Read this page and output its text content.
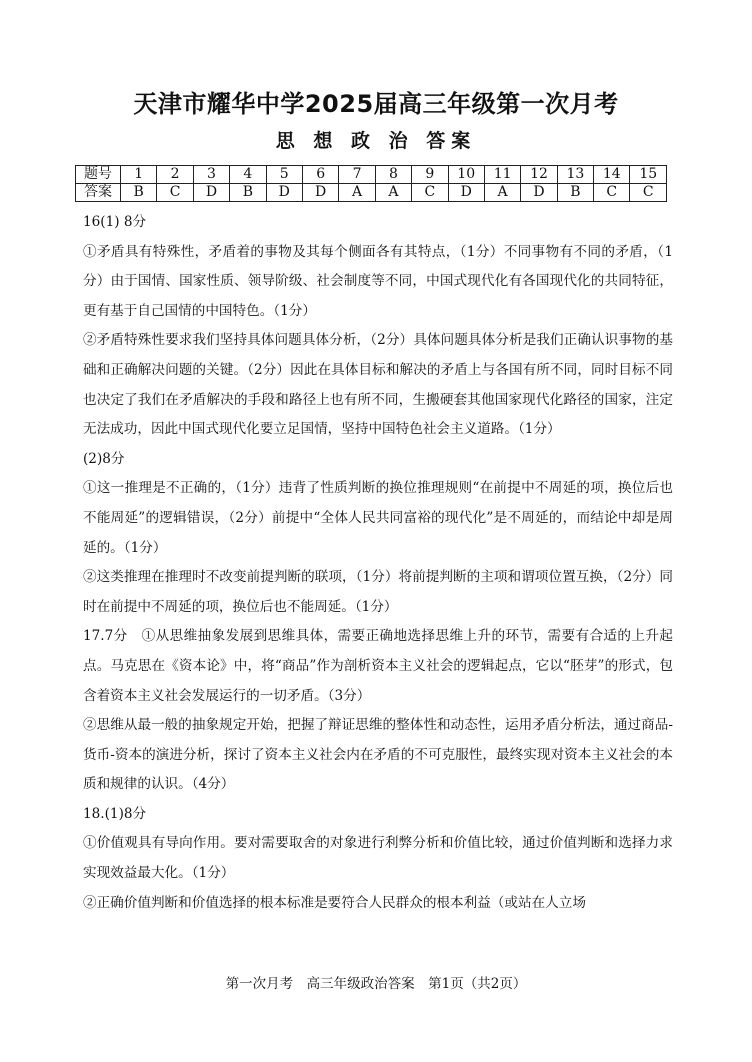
天津市耀华中学2025届高三年级第一次月考
思 想 政 治 答案
题号	1	2	3	4	5	6	7	8	9	10	11	12	13	14	15
答案	B	C	D	B	D	D	A	A	C	D	A	D	B	C	C

16(1) 8分

①矛盾具有特殊性，矛盾着的事物及其每个侧面各有其特点，（1分）不同事物有不同的矛盾，（1分）由于国情、国家性质、领导阶级、社会制度等不同，中国式现代化有各国现代化的共同特征，更有基于自己国情的中国特色。（1分）

②矛盾特殊性要求我们坚持具体问题具体分析，（2分）具体问题具体分析是我们正确认识事物的基础和正确解决问题的关键。（2分）因此在具体目标和解决的矛盾上与各国有所不同，同时目标不同也决定了我们在矛盾解决的手段和路径上也有所不同，生搬硬套其他国家现代化路径的国家，注定无法成功，因此中国式现代化要立足国情，坚持中国特色社会主义道路。（1分）

(2)8分

①这一推理是不正确的，（1分）违背了性质判断的换位推理规则“在前提中不周延的项，换位后也不能周延”的逻辑错误，（2分）前提中“全体人民共同富裕的现代化”是不周延的，而结论中却是周延的。（1分）

②这类推理在推理时不改变前提判断的联项，（1分）将前提判断的主项和谓项位置互换，（2分）同时在前提中不周延的项，换位后也不能周延。（1分）

17.7分　①从思维抽象发展到思维具体，需要正确地选择思维上升的环节，需要有合适的上升起点。马克思在《资本论》中，将“商品”作为剖析资本主义社会的逻辑起点，它以“胚芽”的形式，包含着资本主义社会发展运行的一切矛盾。（3分）

②思维从最一般的抽象规定开始，把握了辩证思维的整体性和动态性，运用矛盾分析法，通过商品-货币-资本的演进分析，探讨了资本主义社会内在矛盾的不可克服性，最终实现对资本主义社会的本质和规律的认识。（4分）

18.(1)8分

①价值观具有导向作用。要对需要取舍的对象进行利弊分析和价值比较，通过价值判断和选择力求实现效益最大化。（1分）

②正确价值判断和价值选择的根本标准是要符合人民群众的根本利益（或站在人立场

第一次月考　高三年级政治答案　第1页（共2页）
